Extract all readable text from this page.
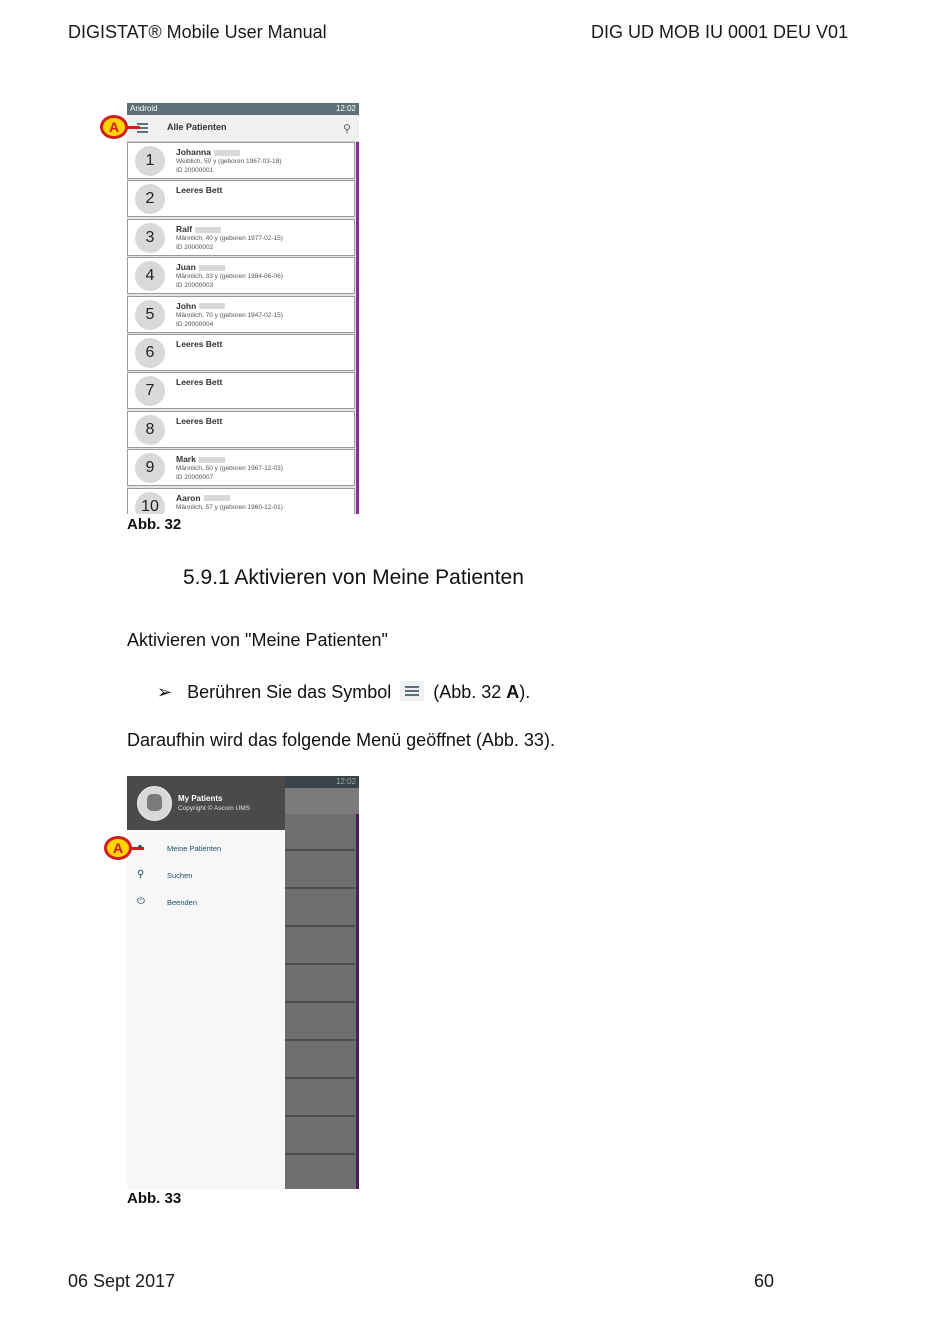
DIGISTAT® Mobile User Manual	DIG UD MOB IU 0001 DEU V01
Android	12:02
Alle Patienten	⚲
1	Johanna
Weiblich, 50 y (geboren 1967-03-18)
ID 20000001
2	Leeres Bett
3	Ralf
Männlich, 40 y (geboren 1977-02-15)
ID 20000002
4	Juan
Männlich, 33 y (geboren 1984-06-06)
ID 20000003
5	John
Männlich, 70 y (geboren 1947-02-15)
ID 20000004
6	Leeres Bett
7	Leeres Bett
8	Leeres Bett
9	Mark
Männlich, 50 y (geboren 1967-12-03)
ID 20000007
10	Aaron
Männlich, 57 y (geboren 1960-12-01)
A
Abb. 32
5.9.1 Aktivieren von Meine Patienten
Aktivieren von "Meine Patienten"
➢ Berühren Sie das Symbol (Abb. 32 A).
Daraufhin wird das folgende Menü geöffnet (Abb. 33).
12:02
My Patients
Copyright © Ascom UMS
Meine Patienten
⚲	Suchen
⏻	Beenden
A
Abb. 33
06 Sept 2017	60
